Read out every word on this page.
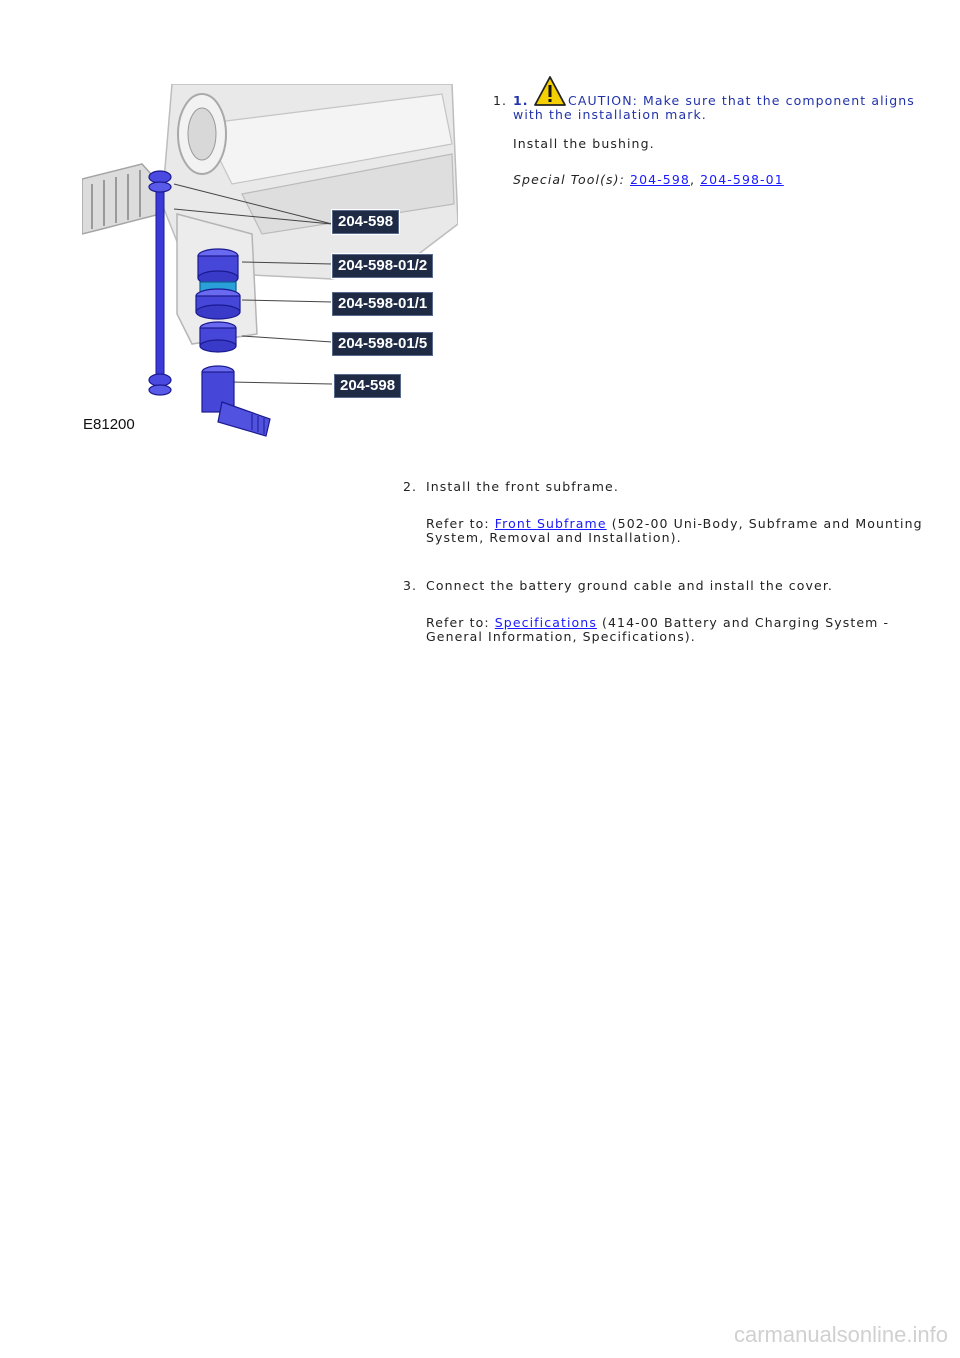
204-598
204-598-01/2
204-598-01/1
204-598-01/5
204-598
E81200
1. 1.	CAUTION: Make sure that the component aligns
with the installation mark.
Install the bushing.
Special Tool(s): 204-598, 204-598-01
2. Install the front subframe.
Refer to: Front Subframe (502-00 Uni-Body, Subframe and Mounting
System, Removal and Installation).
3. Connect the battery ground cable and install the cover.
Refer to: Specifications (414-00 Battery and Charging System -
General Information, Specifications).
carmanualsonline.info
